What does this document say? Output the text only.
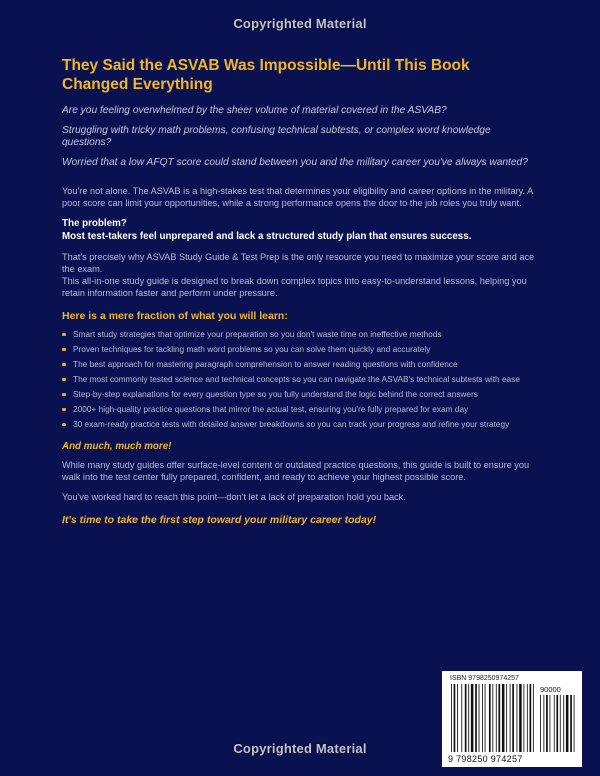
Copyrighted Material
They Said the ASVAB Was Impossible—Until This Book Changed Everything
Are you feeling overwhelmed by the sheer volume of material covered in the ASVAB?
Struggling with tricky math problems, confusing technical subtests, or complex word knowledge questions?
Worried that a low AFQT score could stand between you and the military career you've always wanted?
You're not alone. The ASVAB is a high-stakes test that determines your eligibility and career options in the military. A poor score can limit your opportunities, while a strong performance opens the door to the job roles you truly want.
The problem?
Most test-takers feel unprepared and lack a structured study plan that ensures success.
That's precisely why ASVAB Study Guide & Test Prep is the only resource you need to maximize your score and ace the exam.
This all-in-one study guide is designed to break down complex topics into easy-to-understand lessons, helping you retain information faster and perform under pressure.
Here is a mere fraction of what you will learn:
Smart study strategies that optimize your preparation so you don't waste time on ineffective methods
Proven techniques for tackling math word problems so you can solve them quickly and accurately
The best approach for mastering paragraph comprehension to answer reading questions with confidence
The most commonly tested science and technical concepts so you can navigate the ASVAB's technical subtests with ease
Step-by-step explanations for every question type so you fully understand the logic behind the correct answers
2000+ high-quality practice questions that mirror the actual test, ensuring you're fully prepared for exam day
30 exam-ready practice tests with detailed answer breakdowns so you can track your progress and refine your strategy
And much, much more!
While many study guides offer surface-level content or outdated practice questions, this guide is built to ensure you walk into the test center fully prepared, confident, and ready to achieve your highest possible score.
You've worked hard to reach this point—don't let a lack of preparation hold you back.
It's time to take the first step toward your military career today!
ISBN 9798250974257
90000
9 798250 974257
Copyrighted Material
